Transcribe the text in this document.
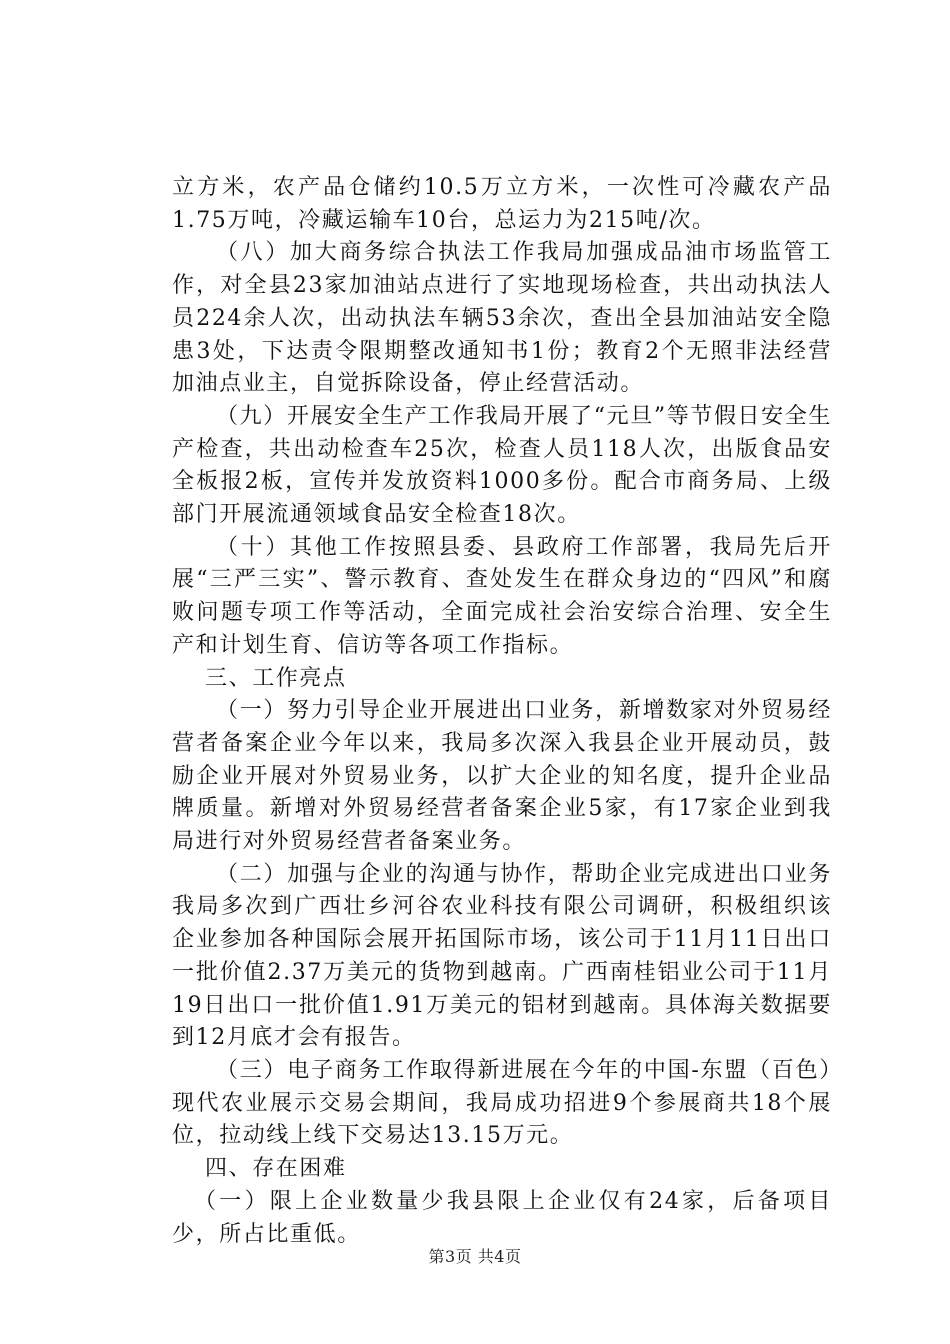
立方米，农产品仓储约10.5万立方米，一次性可冷藏农产品1.75万吨，冷藏运输车10台，总运力为215吨/次。

（八）加大商务综合执法工作我局加强成品油市场监管工作，对全县23家加油站点进行了实地现场检查，共出动执法人员224余人次，出动执法车辆53余次，查出全县加油站安全隐患3处，下达责令限期整改通知书1份；教育2个无照非法经营加油点业主，自觉拆除设备，停止经营活动。

（九）开展安全生产工作我局开展了“元旦”等节假日安全生产检查，共出动检查车25次，检查人员118人次，出版食品安全板报2板，宣传并发放资料1000多份。配合市商务局、上级部门开展流通领域食品安全检查18次。

（十）其他工作按照县委、县政府工作部署，我局先后开展“三严三实”、警示教育、查处发生在群众身边的“四风”和腐败问题专项工作等活动，全面完成社会治安综合治理、安全生产和计划生育、信访等各项工作指标。

三、工作亮点

（一）努力引导企业开展进出口业务，新增数家对外贸易经营者备案企业今年以来，我局多次深入我县企业开展动员，鼓励企业开展对外贸易业务，以扩大企业的知名度，提升企业品牌质量。新增对外贸易经营者备案企业5家，有17家企业到我局进行对外贸易经营者备案业务。

（二）加强与企业的沟通与协作，帮助企业完成进出口业务我局多次到广西壮乡河谷农业科技有限公司调研，积极组织该企业参加各种国际会展开拓国际市场，该公司于11月11日出口一批价值2.37万美元的货物到越南。广西南桂铝业公司于11月19日出口一批价值1.91万美元的铝材到越南。具体海关数据要到12月底才会有报告。

（三）电子商务工作取得新进展在今年的中国-东盟（百色）现代农业展示交易会期间，我局成功招进9个参展商共18个展位，拉动线上线下交易达13.15万元。

四、存在困难

（一）限上企业数量少我县限上企业仅有24家，后备项目少，所占比重低。

第3页 共4页
